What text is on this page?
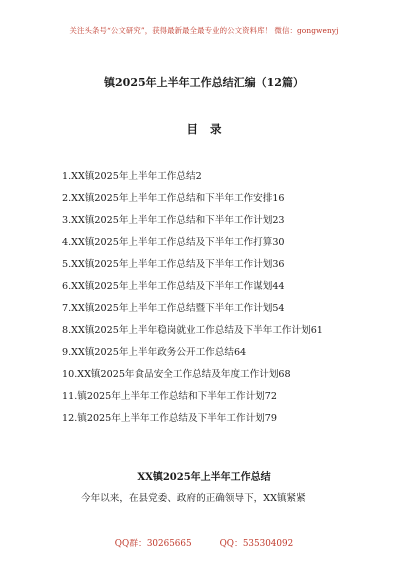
关注头条号“公文研究”，获得最新最全最专业的公文资料库！ 微信：gongwenyj
镇2025年上半年工作总结汇编（12篇）
目录
1.XX镇2025年上半年工作总结2
2.XX镇2025年上半年工作总结和下半年工作安排16
3.XX镇2025年上半年工作总结和下半年工作计划23
4.XX镇2025年上半年工作总结及下半年工作打算30
5.XX镇2025年上半年工作总结及下半年工作计划36
6.XX镇2025年上半年工作总结及下半年工作谋划44
7.XX镇2025年上半年工作总结暨下半年工作计划54
8.XX镇2025年上半年稳岗就业工作总结及下半年工作计划61
9.XX镇2025年上半年政务公开工作总结64
10.XX镇2025年食品安全工作总结及年度工作计划68
11.镇2025年上半年工作总结和下半年工作计划72
12.镇2025年上半年工作总结及下半年工作计划79
XX镇2025年上半年工作总结
今年以来，在县党委、政府的正确领导下，XX镇紧紧
QQ群：30265665	QQ：535304092
